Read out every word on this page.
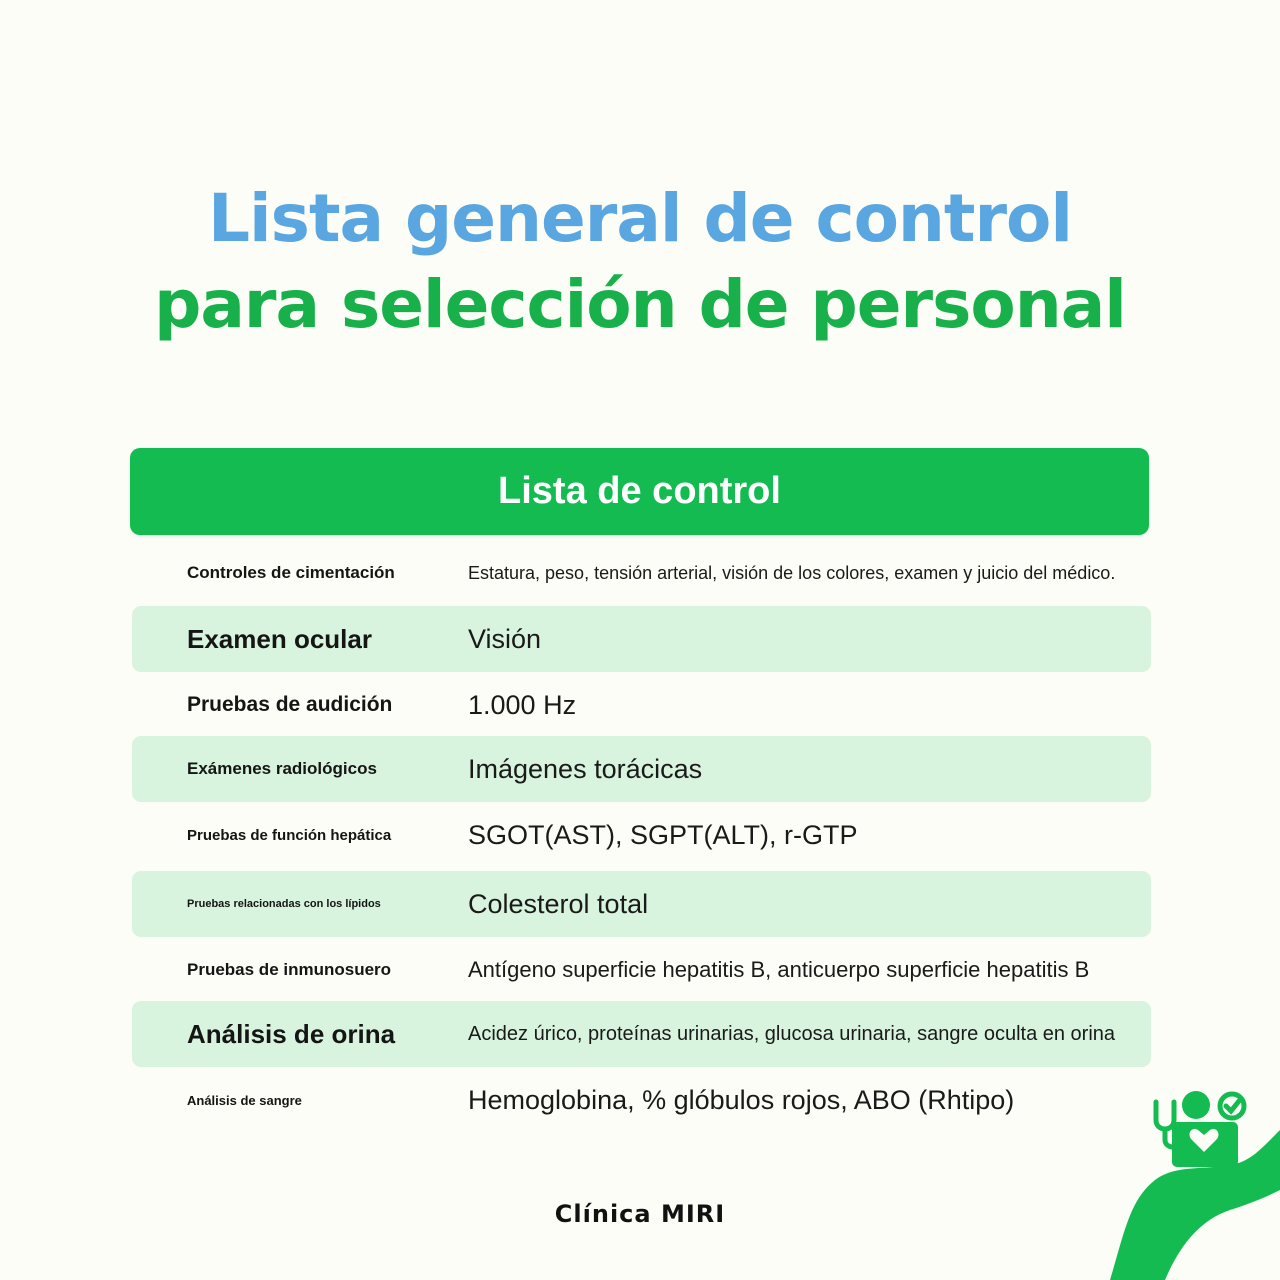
Lista general de control
para selección de personal
Lista de control
Controles de cimentación	Estatura, peso, tensión arterial, visión de los colores, examen y juicio del médico.
Examen ocular	Visión
Pruebas de audición	1.000 Hz
Exámenes radiológicos	Imágenes torácicas
Pruebas de función hepática	SGOT(AST), SGPT(ALT), r-GTP
Pruebas relacionadas con los lípidos	Colesterol total
Pruebas de inmunosuero	Antígeno superficie hepatitis B, anticuerpo superficie hepatitis B
Análisis de orina	Acidez úrico, proteínas urinarias, glucosa urinaria, sangre oculta en orina
Análisis de sangre	Hemoglobina, % glóbulos rojos, ABO (Rhtipo)
Clínica MIRI
